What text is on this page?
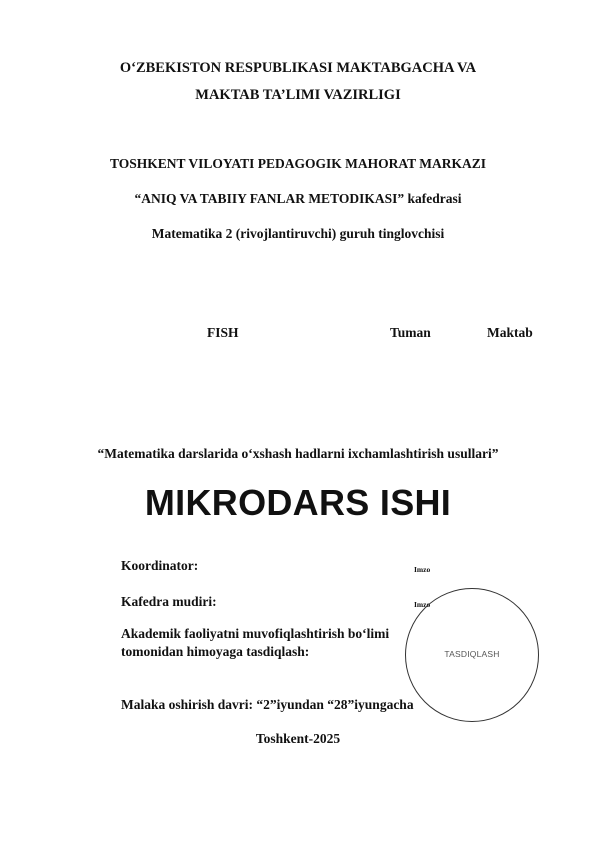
O‘ZBEKISTON RESPUBLIKASI MAKTABGACHA VA
MAKTAB TA’LIMI VAZIRLIGI
TOSHKENT VILOYATI PEDAGOGIK MAHORAT MARKAZI
“ANIQ VA TABIIY FANLAR METODIKASI” kafedrasi
Matematika 2 (rivojlantiruvchi) guruh tinglovchisi
FISH	Tuman	Maktab
“Matematika darslarida o‘xshash hadlarni ixchamlashtirish usullari”
MIKRODARS ISHI
Koordinator:	Imzo
Kafedra mudiri:	Imzo
Akademik faoliyatni muvofiqlashtirish bo‘limi
tomonidan himoyaga tasdiqlash:	TASDIQLASH
Malaka oshirish davri: “2”iyundan “28”iyungacha
Toshkent-2025
